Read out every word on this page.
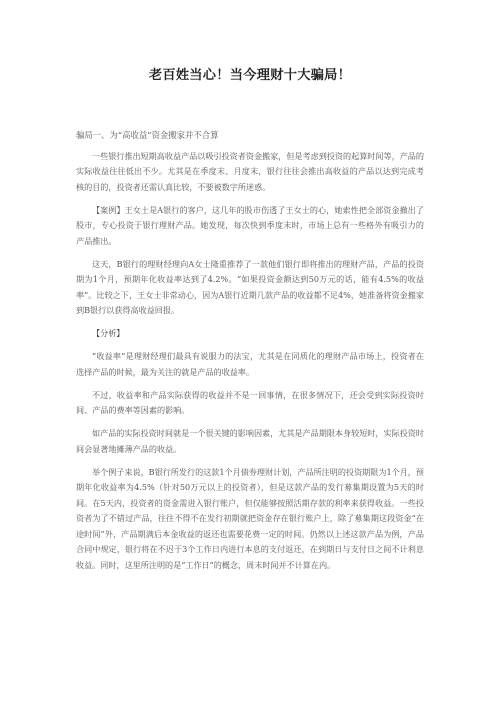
老百姓当心！当今理财十大骗局！

骗局一、为“高收益”资金搬家并不合算

一些银行推出短期高收益产品以吸引投资者资金搬家，但是考虑到投资的起算时间等，产品的实际收益往往低出不少。尤其是在季度末、月度末，银行往往会推出高收益的产品以达到完成考核的目的，投资者还需认真比较，不要被数字所迷惑。

【案例】王女士是A银行的客户，这几年的股市伤透了王女士的心，她索性把全部资金撤出了股市，专心投资于银行理财产品。她发现，每次快到季度末时，市场上总有一些格外有吸引力的产品推出。

这天，B银行的理财经理向A女士隆重推荐了一款他们银行即将推出的理财产品，产品的投资期为1个月，预期年化收益率达到了4.2%。“如果投资金额达到50万元的话，能有4.5%的收益率”。比较之下，王女士非常动心，因为A银行近期几款产品的收益都不足4%，她准备将资金搬家到B银行以获得高收益回报。

【分析】

“收益率”是理财经理们最具有说服力的法宝，尤其是在同质化的理财产品市场上，投资者在选择产品的时候，最为关注的就是产品的收益率。

不过，收益率和产品实际获得的收益并不是一回事情，在很多情况下，还会受到实际投资时间、产品的费率等因素的影响。

如产品的实际投资时间就是一个很关键的影响因素，尤其是产品期限本身较短时，实际投资时间会显著地摊薄产品的收益。

举个例子来说，B银行所发行的这款1个月债券理财计划，产品所注明的投资期限为1个月，预期年化收益率为4.5%（针对50万元以上的投资者），但是这款产品的发行募集期设置为5天的时间。在5天内，投资者的资金需进入银行账户，但仅能够按照活期存款的利率来获得收益。一些投资者为了不错过产品，往往不得不在发行初期就把资金存在银行账户上，除了募集期这段资金“在途时间”外，产品期满后本金收益的返还也需要花费一定的时间。仍然以上述这款产品为例，产品合同中规定，银行将在不迟于3个工作日内进行本息的支付返还，在到期日与支付日之间不计利息收益。同时，这里所注明的是“工作日”的概念，周末时间并不计算在内。
